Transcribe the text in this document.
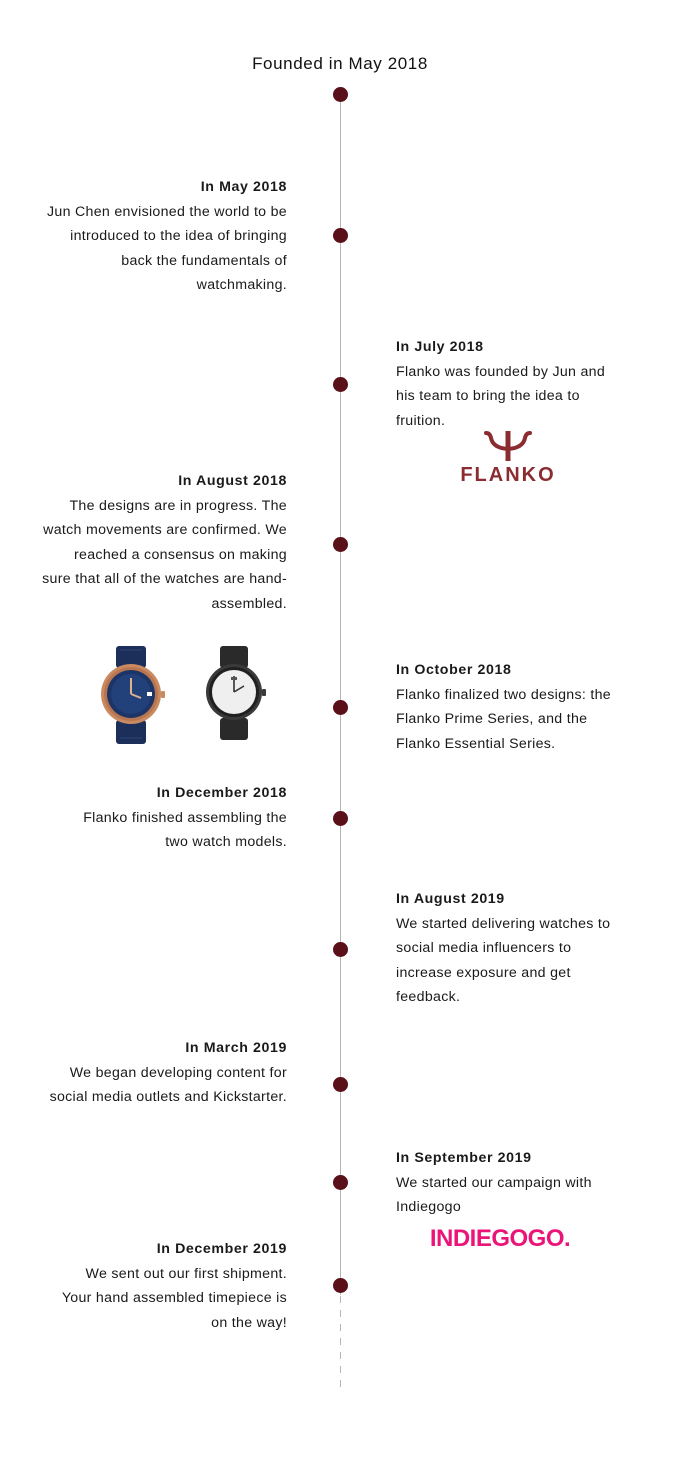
Founded in May 2018
In May 2018
Jun Chen envisioned the world to be introduced to the idea of bringing back the fundamentals of watchmaking.
In July 2018
Flanko was founded by Jun and his team to bring the idea to fruition.
FLANKO
In August 2018
The designs are in progress. The watch movements are confirmed. We reached a consensus on making sure that all of the watches are hand-assembled.
In October 2018
Flanko finalized two designs: the Flanko Prime Series, and the Flanko Essential Series.
In December 2018
Flanko finished assembling the two watch models.
In August 2019
We started delivering watches to social media influencers to increase exposure and get feedback.
In March 2019
We began developing content for social media outlets and Kickstarter.
In September 2019
We started our campaign with Indiegogo
INDIEGOGO.
In December 2019
We sent out our first shipment. Your hand assembled timepiece is on the way!
